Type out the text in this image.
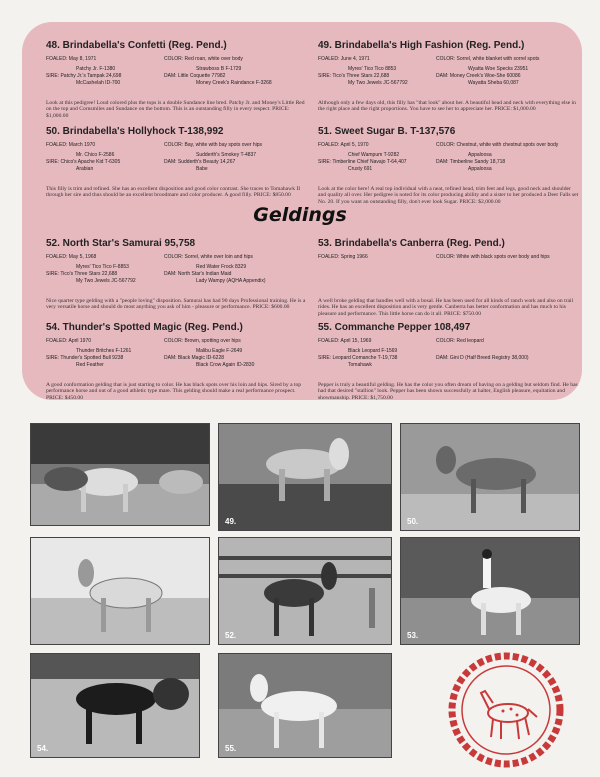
48. Brindabella's Confetti (Reg. Pend.)
FOALED: May 8, 1971	COLOR: Red roan, white over body
Patchy Jr. F-1380	Strawboss B F-1729
SIRE: Patchy Jr.'s Tampak 24,698	DAM: Little Coquette 77982
McCashelah ID-700	Money Creek's Raindance F-3268
Look at this pedigree! Loud colored plus the tops is a double Sundance line bred. Patchy Jr. and Money's Little Red on the top and Cornsmiles and Sundance on the bottom. This is an outstanding filly in every respect. PRICE: $1,000.00
49. Brindabella's High Fashion (Reg. Pend.)
FOALED: June 4, 1971	COLOR: Sorrel, white blanket with sorrel spots
Myres' Tico Tico 8853	Wyatta Woe Specks 23951
SIRE: Tico's Three Stars 22,688	DAM: Money Creek's Woe-She 60086
My Two Jewels JC-567792	Wayatta Sheba 60,087
Although only a few days old, this filly has "that look" about her. A beautiful head and neck with everything else in the right place and the right proportions. You have to see her to appreciate her. PRICE: $1,000.00
50. Brindabella's Hollyhock T-138,992
FOALED: March 1970	COLOR: Bay, white with bay spots over hips
Mr. Chico F-2586	Sudderth's Smokey T-4837
SIRE: Chico's Apache Kid T-6305	DAM: Sudderth's Beauty 14,267
Arabian	Babe
This filly is trim and refined. She has an excellent disposition and good color contrast. She traces to Tomahawk II through her sire and thus should be an excellent broodmare and color producer. A good filly. PRICE: $850.00
51. Sweet Sugar B. T-137,576
FOALED: April 5, 1970	COLOR: Chestnut, white with chestnut spots over body
Chief Wampum T-9282	Appaloosa
SIRE: Timberline Chief Navajo T-64,407	DAM: Timberline Sandy 18,718
Crusty 691	Appaloosa
Look at the color here! A real top individual with a neat, refined head, trim feet and legs, good neck and shoulder and quality all over. Her pedigree is noted for its color producing ability and a sister to her produced a Deer Falls set No. 20. If you want an outstanding filly, don't ever look Sugar. PRICE: $2,000.00
52. North Star's Samurai 95,758
FOALED: May 5, 1968	COLOR: Sorrel, white over loin and hips
Myres' Tico Tico F-8853	Red Water Frock 8329
SIRE: Tico's Three Stars 22,688	DAM: North Star's Indian Maid
My Two Jewels JC-567792	Lady Wampy (AQHA Appendix)
Nice quarter type gelding with a "people loving" disposition. Samurai has had 90 days Professional training. He is a very versatile horse and should do most anything you ask of him - pleasure or performance. PRICE: $600.00
53. Brindabella's Canberra (Reg. Pend.)
FOALED: Spring 1966	COLOR: White with black spots over body and hips
A well broke gelding that handles well with a bosal. He has been used for all kinds of ranch work and also on trail rides. He has an excellent disposition and is very gentle. Canberra has better conformation and has much to his pleasure and performance. This little horse can do it all. PRICE: $750.00
54. Thunder's Spotted Magic (Reg. Pend.)
FOALED: April 1970	COLOR: Brown, spotting over hips
Thunder Britches F-1261	Malibu Eagle F-2649
SIRE: Thunder's Spotted Bull 9238	DAM: Black Magic ID-6228
Red Feather	Black Crow Again ID-2830
A good conformation gelding that is just starting to color. He has black spots over his loin and hips. Sired by a top performance horse and out of a good athletic type mare. This gelding should make a real performance prospect. PRICE: $450.00
55. Commanche Pepper 108,497
FOALED: April 15, 1969	COLOR: Red leopard
Black Leopard F-1569
SIRE: Leopard Comanche T-19,738	DAM: Gini D (Half Breed Registry 38,000)
Tomahawk
Pepper is truly a beautiful gelding. He has the color you often dream of having on a gelding but seldom find. He has had that desired "stallion" look. Pepper has been shown successfully at halter, English pleasure, equitation and showmanship. PRICE: $1,750.00
Geldings
49.	50.
52.	53.
54.	55.
